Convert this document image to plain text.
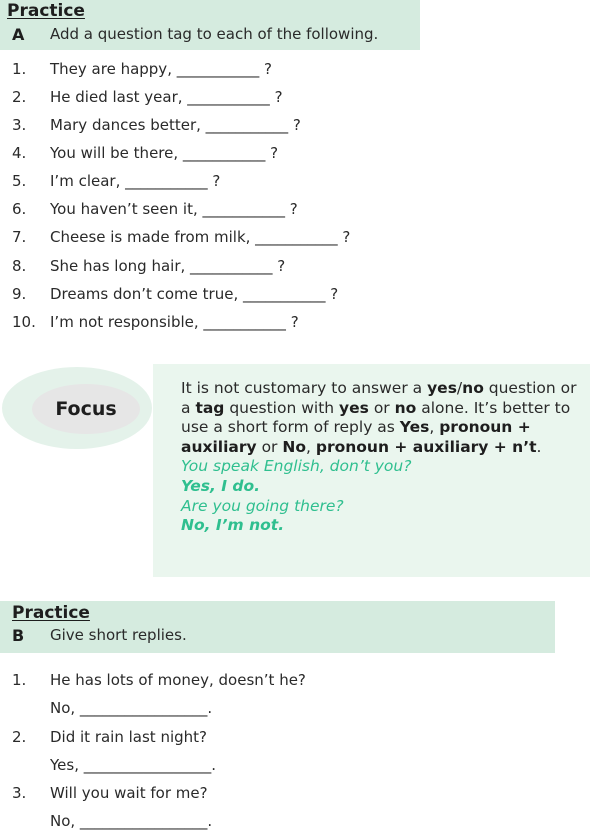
Practice
A Add a question tag to each of the following.
1. They are happy, ___________ ?
2. He died last year, ___________ ?
3. Mary dances better, ___________ ?
4. You will be there, ___________ ?
5. I’m clear, ___________ ?
6. You haven’t seen it, ___________ ?
7. Cheese is made from milk, ___________ ?
8. She has long hair, ___________ ?
9. Dreams don’t come true, ___________ ?
10. I’m not responsible, ___________ ?
Focus
It is not customary to answer a yes/no question or a tag question with yes or no alone. It’s better to use a short form of reply as Yes, pronoun + auxiliary or No, pronoun + auxiliary + n’t.
You speak English, don’t you?
Yes, I do.
Are you going there?
No, I’m not.
Practice
B Give short replies.
1. He has lots of money, doesn’t he?
No, _________________.
2. Did it rain last night?
Yes, _________________.
3. Will you wait for me?
No, _________________.
